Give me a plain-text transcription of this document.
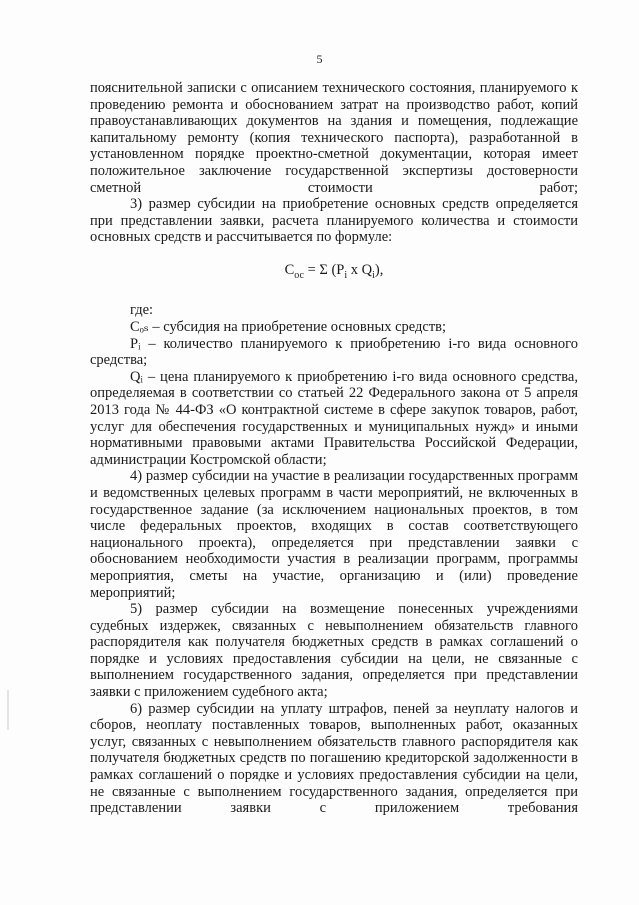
5

пояснительной записки с описанием технического состояния, планируемого к проведению ремонта и обоснованием затрат на производство работ, копий правоустанавливающих документов на здания и помещения, подлежащие капитальному ремонту (копия технического паспорта), разработанной в установленном порядке проектно-сметной документации, которая имеет положительное заключение государственной экспертизы достоверности сметной стоимости работ;

3) размер субсидии на приобретение основных средств определяется при представлении заявки, расчета планируемого количества и стоимости основных средств и рассчитывается по формуле:

$C_{ос} = \Sigma$ ($P_i$ x $Q_i$),

где:

Cₒₛ – субсидия на приобретение основных средств;

Pᵢ – количество планируемого к приобретению i-го вида основного средства;

Qᵢ – цена планируемого к приобретению i-го вида основного средства, определяемая в соответствии со статьей 22 Федерального закона от 5 апреля 2013 года № 44-ФЗ «О контрактной системе в сфере закупок товаров, работ, услуг для обеспечения государственных и муниципальных нужд» и иными нормативными правовыми актами Правительства Российской Федерации, администрации Костромской области;

4) размер субсидии на участие в реализации государственных программ и ведомственных целевых программ в части мероприятий, не включенных в государственное задание (за исключением национальных проектов, в том числе федеральных проектов, входящих в состав соответствующего национального проекта), определяется при представлении заявки с обоснованием необходимости участия в реализации программ, программы мероприятия, сметы на участие, организацию и (или) проведение мероприятий;

5) размер субсидии на возмещение понесенных учреждениями судебных издержек, связанных с невыполнением обязательств главного распорядителя как получателя бюджетных средств в рамках соглашений о порядке и условиях предоставления субсидии на цели, не связанные с выполнением государственного задания, определяется при представлении заявки с приложением судебного акта;

6) размер субсидии на уплату штрафов, пеней за неуплату налогов и сборов, неоплату поставленных товаров, выполненных работ, оказанных услуг, связанных с невыполнением обязательств главного распорядителя как получателя бюджетных средств по погашению кредиторской задолженности в рамках соглашений о порядке и условиях предоставления субсидии на цели, не связанные с выполнением государственного задания, определяется при представлении заявки с приложением требования
